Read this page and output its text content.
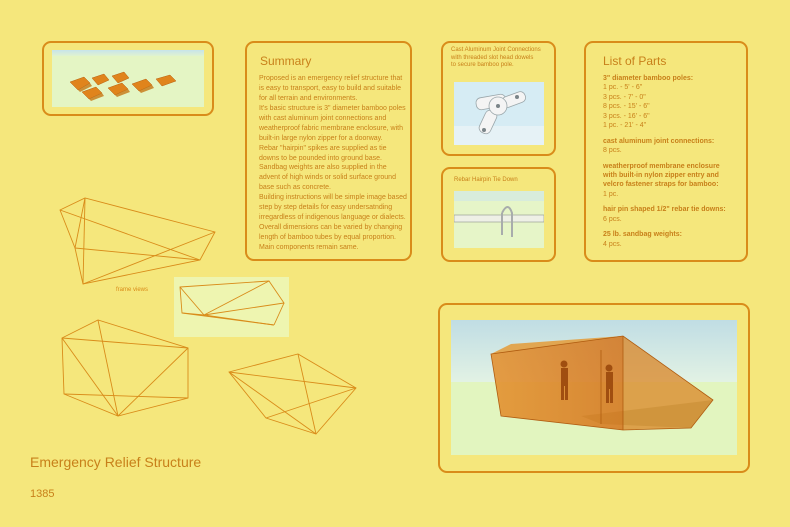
Summary
Proposed is an emergency relief structure that is easy to transport, easy to build and suitable for all terrain and environments.
It's basic structure is 3" diameter bamboo poles with cast aluminum joint connections and weatherproof fabric membrane enclosure, with built-in large nylon zipper for a doorway.
Rebar "hairpin" spikes are supplied as tie downs to be pounded into ground base.
Sandbag weights are also supplied in the advent of high winds or solid surface ground base such as concrete.
Building instructions will be simple image based step by step details for easy undersatnding irregardless of indigenous language or dialects.
Overall dimensions can be varied by changing length of bamboo tubes by equal proportion. Main components remain same.
Cast Aluminum Joint Connections
with threaded slot head dowels
to secure bamboo pole.
Rebar Hairpin Tie Down
List of Parts
3" diameter bamboo poles:
1 pc. - 5' - 6"
3 pcs. - 7' - 0"
8 pcs. - 15' - 6"
3 pcs. - 16' - 6"
1 pc. - 21' - 4"
cast aluminum joint connections:
8 pcs.
weatherproof membrane enclosure
with built-in nylon zipper entry and
velcro fastener straps for bamboo:
1 pc.
hair pin shaped 1/2" rebar tie downs:
6 pcs.
25 lb. sandbag weights:
4 pcs.
frame views
Emergency Relief Structure
1385
